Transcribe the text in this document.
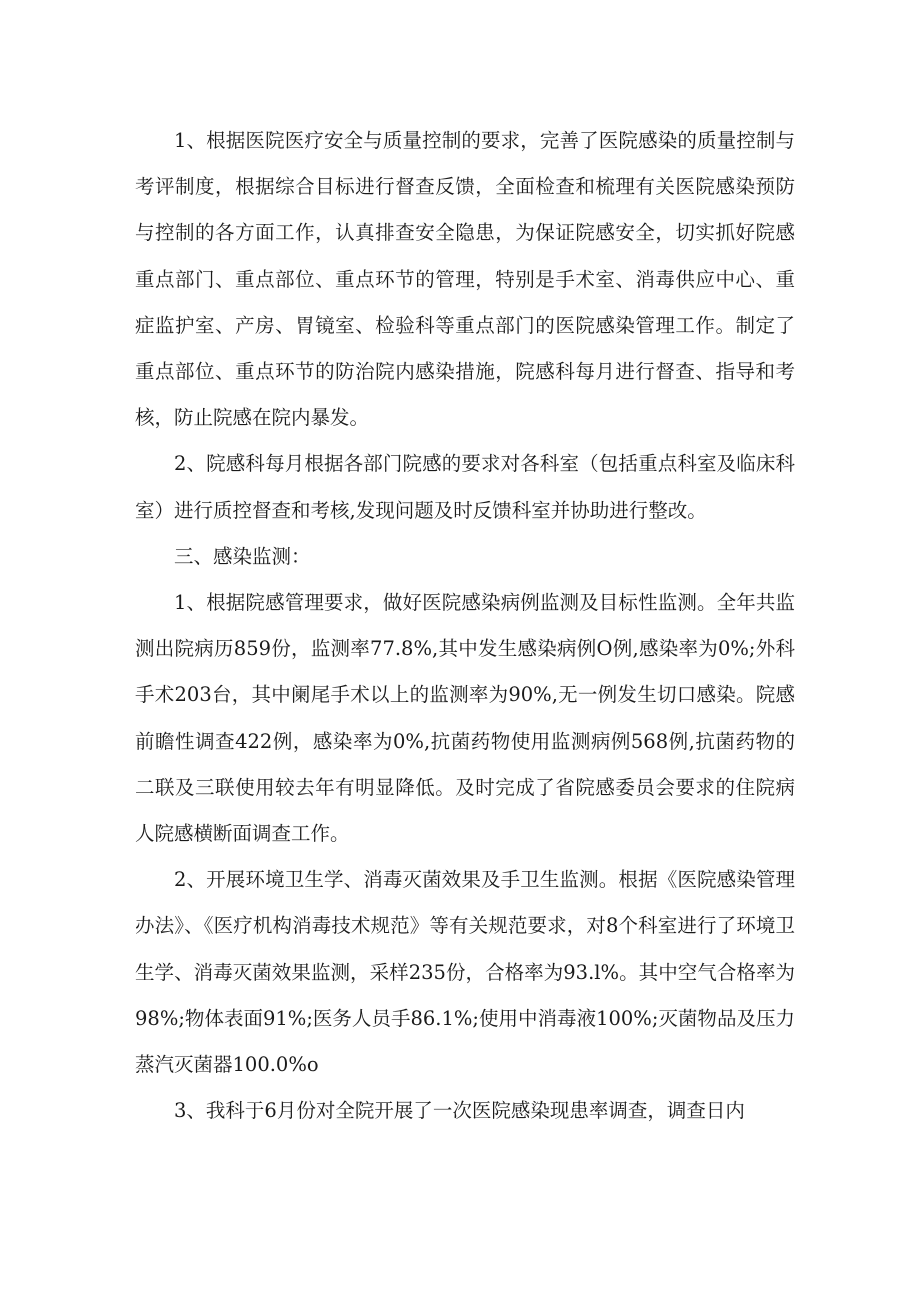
1、根据医院医疗安全与质量控制的要求，完善了医院感染的质量控制与考评制度，根据综合目标进行督查反馈，全面检查和梳理有关医院感染预防与控制的各方面工作，认真排查安全隐患，为保证院感安全，切实抓好院感重点部门、重点部位、重点环节的管理，特别是手术室、消毒供应中心、重症监护室、产房、胃镜室、检验科等重点部门的医院感染管理工作。制定了重点部位、重点环节的防治院内感染措施，院感科每月进行督查、指导和考核，防止院感在院内暴发。

2、院感科每月根据各部门院感的要求对各科室（包括重点科室及临床科室）进行质控督查和考核,发现问题及时反馈科室并协助进行整改。

三、感染监测：

1、根据院感管理要求，做好医院感染病例监测及目标性监测。全年共监测出院病历859份，监测率77.8%,其中发生感染病例O例,感染率为0%;外科手术203台，其中阑尾手术以上的监测率为90%,无一例发生切口感染。院感前瞻性调查422例，感染率为0%,抗菌药物使用监测病例568例,抗菌药物的二联及三联使用较去年有明显降低。及时完成了省院感委员会要求的住院病人院感横断面调查工作。

2、开展环境卫生学、消毒灭菌效果及手卫生监测。根据《医院感染管理办法》、《医疗机构消毒技术规范》等有关规范要求，对8个科室进行了环境卫生学、消毒灭菌效果监测，采样235份，合格率为93.l%。其中空气合格率为98%;物体表面91%;医务人员手86.1%;使用中消毒液100%;灭菌物品及压力蒸汽灭菌器100.0%o

3、我科于6月份对全院开展了一次医院感染现患率调查，调查日内
